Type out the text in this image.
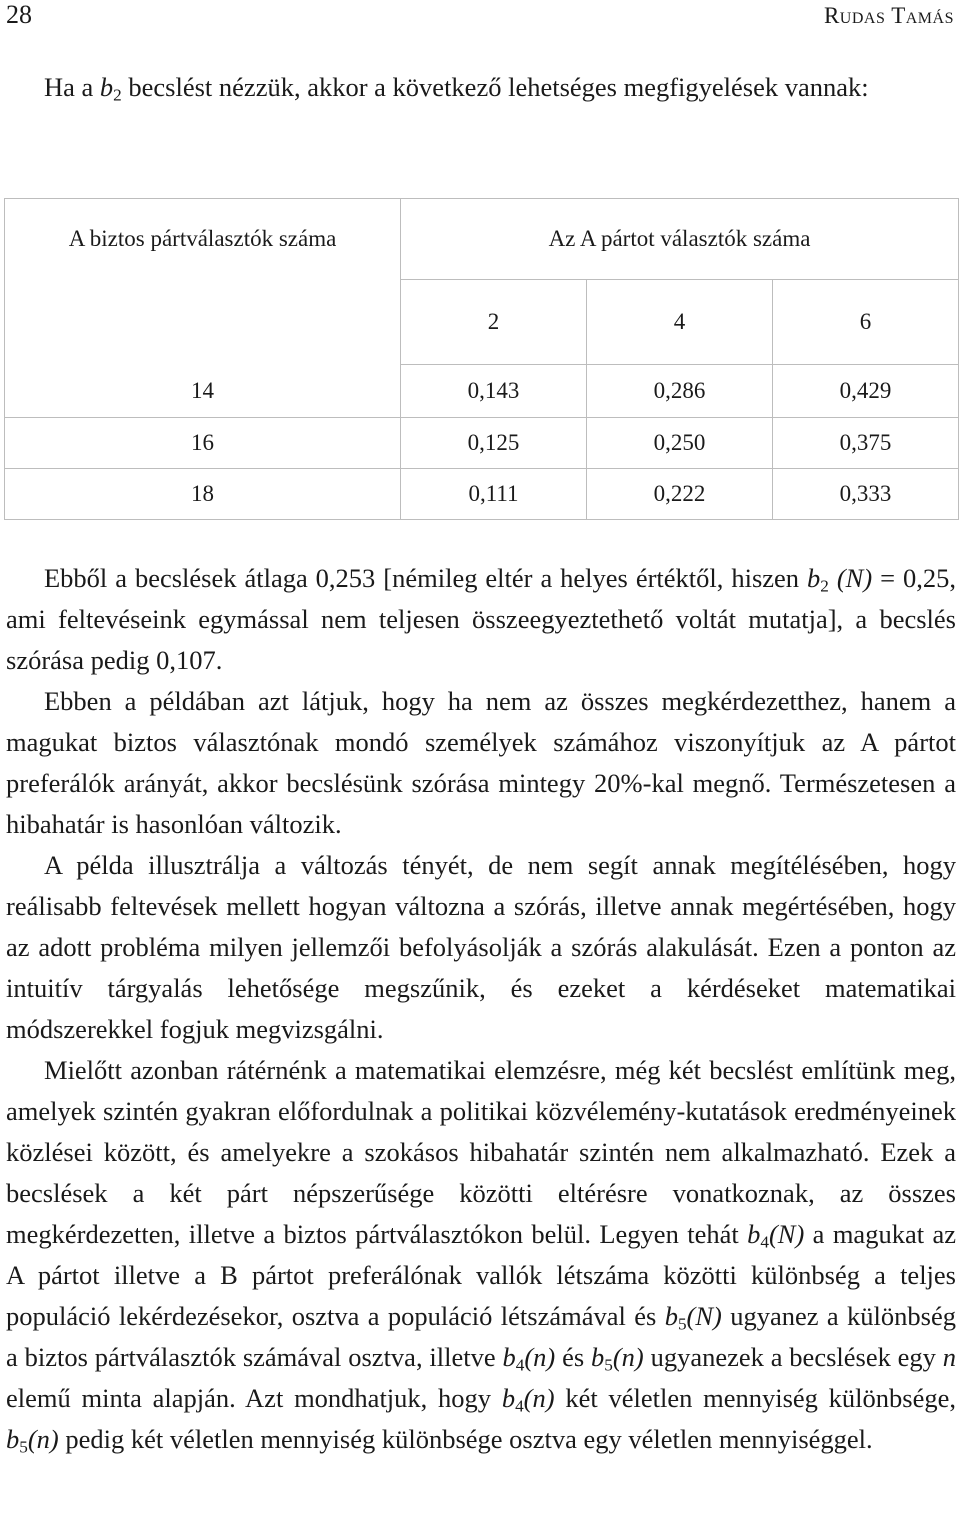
28	Rudas Tamás

Ha a $b_2$ becslést nézzük, akkor a következő lehetséges megfigyelések vannak:

A biztos pártválasztók száma	Az A pártot választók száma		
	2	4	6
14	0,143	0,286	0,429
16	0,125	0,250	0,375
18	0,111	0,222	0,333

Ebből a becslések átlaga 0,253 [némileg eltér a helyes értéktől, hiszen $b_2$ (N) = 0,25, ami feltevéseink egymással nem teljesen összeegyeztethető voltát mutatja], a becslés szórása pedig 0,107.

Ebben a példában azt látjuk, hogy ha nem az összes megkérdezetthez, hanem a magukat biztos választónak mondó személyek számához viszonyítjuk az A pártot preferálók arányát, akkor becslésünk szórása mintegy 20%-kal megnő. Természetesen a hibahatár is hasonlóan változik.

A példa illusztrálja a változás tényét, de nem segít annak megítélésében, hogy reálisabb feltevések mellett hogyan változna a szórás, illetve annak megértésében, hogy az adott probléma milyen jellemzői befolyásolják a szórás alakulását. Ezen a ponton az intuitív tárgyalás lehetősége megszűnik, és ezeket a kérdéseket matematikai módszerekkel fogjuk megvizsgálni.

Mielőtt azonban rátérnénk a matematikai elemzésre, még két becslést említünk meg, amelyek szintén gyakran előfordulnak a politikai közvélemény-kutatások eredményeinek közlései között, és amelyekre a szokásos hibahatár szintén nem alkalmazható. Ezek a becslések a két párt népszerűsége közötti eltérésre vonatkoznak, az összes megkérdezetten, illetve a biztos pártválasztókon belül. Legyen tehát $b_4(N)$ a magukat az A pártot illetve a B pártot preferálónak vallók létszáma közötti különbség a teljes populáció lekérdezésekor, osztva a populáció létszámával és $b_5(N)$ ugyanez a különbség a biztos pártválasztók számával osztva, illetve $b_4(n)$ és $b_5(n)$ ugyanezek a becslések egy n elemű minta alapján. Azt mondhatjuk, hogy $b_4(n)$ két véletlen mennyiség különbsége, $b_5(n)$ pedig két véletlen mennyiség különbsége osztva egy véletlen mennyiséggel.
